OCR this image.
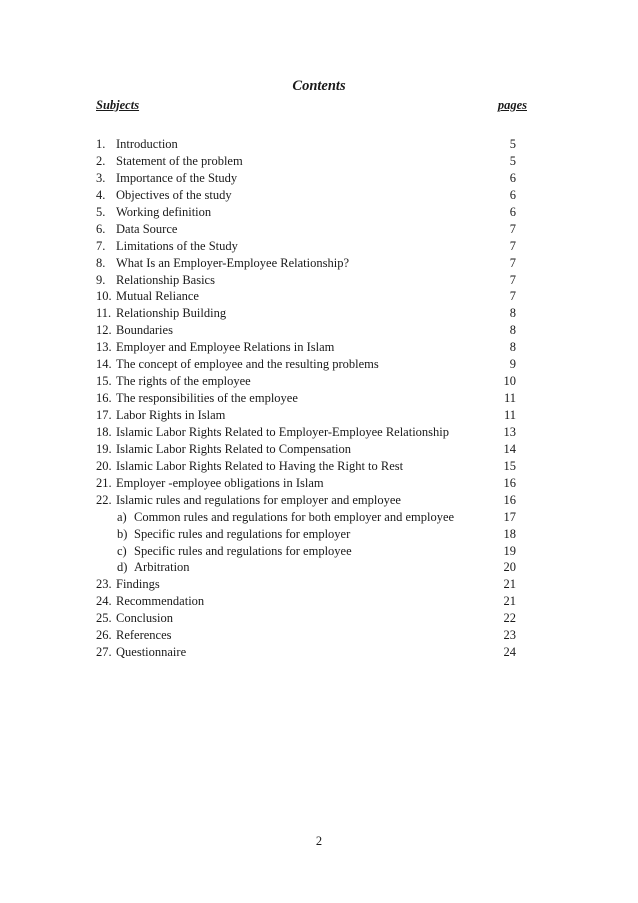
Contents
Subjects	pages
1. Introduction	5
2. Statement of the problem	5
3. Importance of the Study	6
4. Objectives of the study	6
5. Working definition	6
6. Data Source	7
7. Limitations of the Study	7
8. What Is an Employer-Employee Relationship?	7
9. Relationship Basics	7
10. Mutual Reliance	7
11. Relationship Building	8
12. Boundaries	8
13. Employer and Employee Relations in Islam	8
14. The concept of employee and the resulting problems	9
15. The rights of the employee	10
16. The responsibilities of the employee	11
17. Labor Rights in Islam	11
18. Islamic Labor Rights Related to Employer-Employee Relationship	13
19. Islamic Labor Rights Related to Compensation	14
20. Islamic Labor Rights Related to Having the Right to Rest	15
21. Employer -employee obligations in Islam	16
22. Islamic rules and regulations for employer and employee	16
a) Common rules and regulations for both employer and employee	17
b) Specific rules and regulations for employer	18
c) Specific rules and regulations for employee	19
d) Arbitration	20
23. Findings	21
24. Recommendation	21
25. Conclusion	22
26. References	23
27. Questionnaire	24
2
